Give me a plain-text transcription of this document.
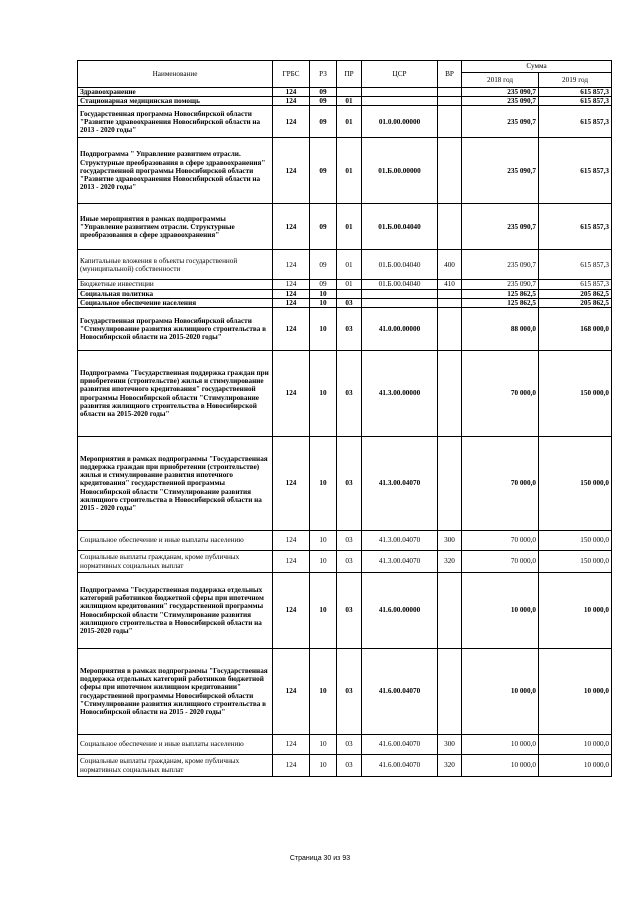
Наименование	ГРБС	РЗ	ПР	ЦСР	ВР	Сумма	
						2018 год	2019 год
Здравоохранение	124	09				235 090,7	615 857,3
Стационарная медицинская помощь	124	09	01			235 090,7	615 857,3
Государственная программа Новосибирской области "Развитие здравоохранения Новосибирской области на 2013 - 2020 годы"	124	09	01	01.0.00.00000		235 090,7	615 857,3
Подпрограмма " Управление развитием отрасли. Структурные преобразования в сфере здравоохранения" государственной программы Новосибирской области "Развитие здравоохранения Новосибирской области на 2013 - 2020 годы"	124	09	01	01.Б.00.00000		235 090,7	615 857,3
Иные мероприятия в рамках подпрограммы "Управление развитием отрасли. Структурные преобразования в сфере здравоохранения"	124	09	01	01.Б.00.04040		235 090,7	615 857,3
Капитальные вложения в объекты государственной (муниципальной) собственности	124	09	01	01.Б.00.04040	400	235 090,7	615 857,3
Бюджетные инвестиции	124	09	01	01.Б.00.04040	410	235 090,7	615 857,3
Социальная политика	124	10				125 862,5	205 862,5
Социальное обеспечение населения	124	10	03			125 862,5	205 862,5
Государственная программа Новосибирской области "Стимулирование развития жилищного строительства в Новосибирской области на 2015-2020 годы"	124	10	03	41.0.00.00000		88 000,0	168 000,0
Подпрограмма "Государственная поддержка граждан при приобретении (строительстве) жилья и стимулирование развития ипотечного кредитования" государственной программы Новосибирской области "Стимулирование развития жилищного строительства в Новосибирской области на 2015-2020 годы"	124	10	03	41.3.00.00000		70 000,0	150 000,0
Мероприятия в рамках подпрограммы "Государственная поддержка граждан при приобретении (строительстве) жилья и стимулирование развития ипотечного кредитования" государственной программы Новосибирской области "Стимулирование развития жилищного строительства в Новосибирской области на 2015 - 2020 годы"	124	10	03	41.3.00.04070		70 000,0	150 000,0
Социальное обеспечение и иные выплаты населению	124	10	03	41.3.00.04070	300	70 000,0	150 000,0
Социальные выплаты гражданам, кроме публичных нормативных социальных выплат	124	10	03	41.3.00.04070	320	70 000,0	150 000,0
Подпрограмма "Государственная поддержка отдельных категорий работников бюджетной сферы при ипотечном жилищном кредитовании" государственной программы Новосибирской области "Стимулирование развития жилищного строительства в Новосибирской области на 2015-2020 годы"	124	10	03	41.6.00.00000		10 000,0	10 000,0
Мероприятия в рамках подпрограммы "Государственная поддержка отдельных категорий работников бюджетной сферы при ипотечном жилищном кредитовании" государственной программы Новосибирской области "Стимулирование развития жилищного строительства в Новосибирской области на 2015 - 2020 годы"	124	10	03	41.6.00.04070		10 000,0	10 000,0
Социальное обеспечение и иные выплаты населению	124	10	03	41.6.00.04070	300	10 000,0	10 000,0
Социальные выплаты гражданам, кроме публичных нормативных социальных выплат	124	10	03	41.6.00.04070	320	10 000,0	10 000,0
Страница 30 из 93
